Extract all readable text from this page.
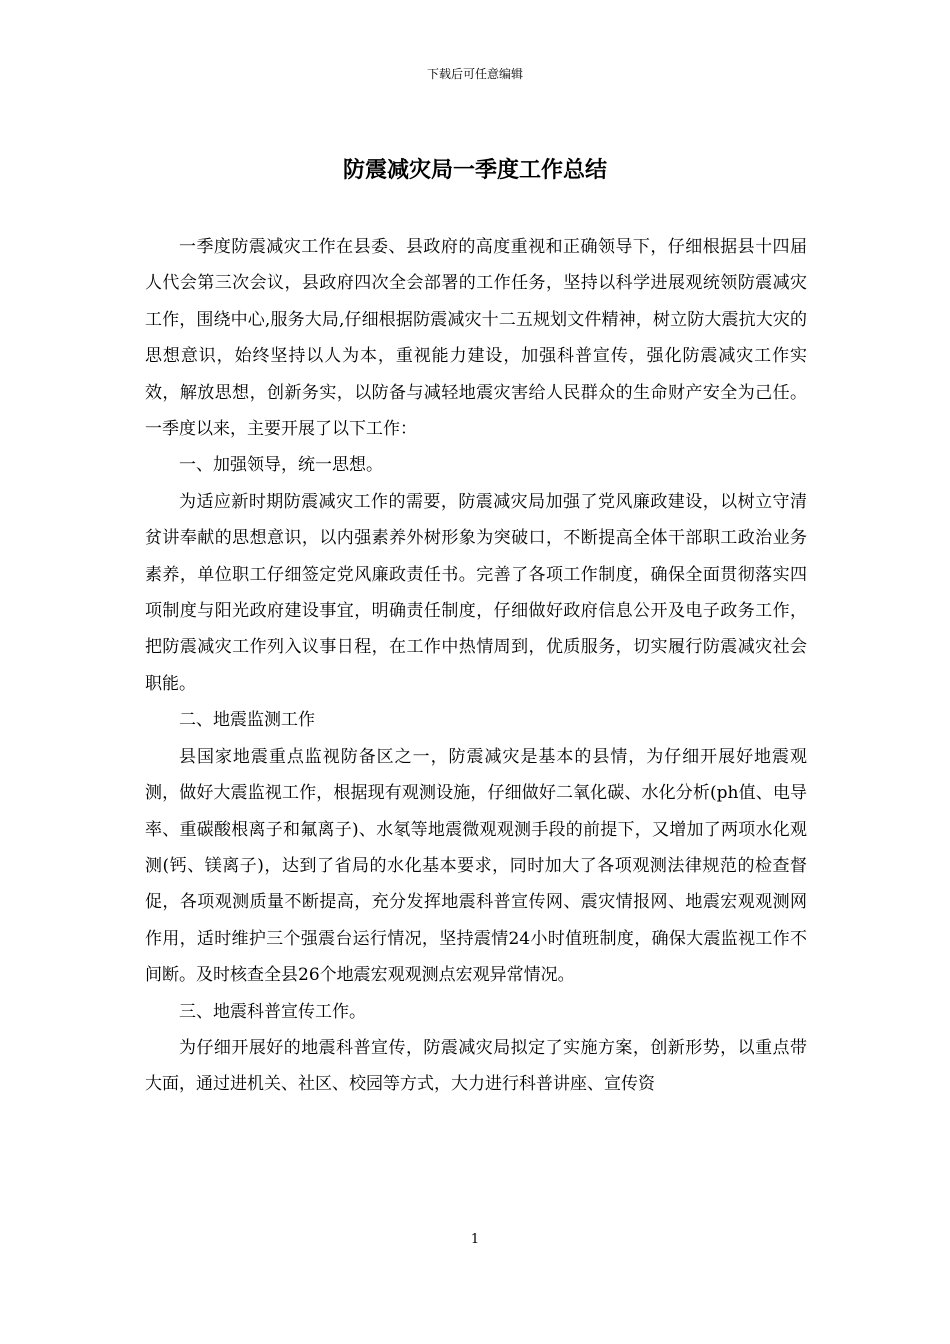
下载后可任意编辑
防震减灾局一季度工作总结

一季度防震减灾工作在县委、县政府的高度重视和正确领导下，仔细根据县十四届人代会第三次会议，县政府四次全会部署的工作任务，坚持以科学进展观统领防震减灾工作，围绕中心,服务大局,仔细根据防震减灾十二五规划文件精神，树立防大震抗大灾的思想意识，始终坚持以人为本，重视能力建设，加强科普宣传，强化防震减灾工作实效，解放思想，创新务实，以防备与减轻地震灾害给人民群众的生命财产安全为己任。一季度以来，主要开展了以下工作：

一、加强领导，统一思想。

为适应新时期防震减灾工作的需要，防震减灾局加强了党风廉政建设，以树立守清贫讲奉献的思想意识，以内强素养外树形象为突破口，不断提高全体干部职工政治业务素养，单位职工仔细签定党风廉政责任书。完善了各项工作制度，确保全面贯彻落实四项制度与阳光政府建设事宜，明确责任制度，仔细做好政府信息公开及电子政务工作，把防震减灾工作列入议事日程，在工作中热情周到，优质服务，切实履行防震减灾社会职能。

二、地震监测工作

县国家地震重点监视防备区之一，防震减灾是基本的县情，为仔细开展好地震观测，做好大震监视工作，根据现有观测设施，仔细做好二氧化碳、水化分析(ph值、电导率、重碳酸根离子和氟离子)、水氡等地震微观观测手段的前提下，又增加了两项水化观测(钙、镁离子)，达到了省局的水化基本要求，同时加大了各项观测法律规范的检查督促，各项观测质量不断提高，充分发挥地震科普宣传网、震灾情报网、地震宏观观测网作用，适时维护三个强震台运行情况，坚持震情24小时值班制度，确保大震监视工作不间断。及时核查全县26个地震宏观观测点宏观异常情况。

三、地震科普宣传工作。

为仔细开展好的地震科普宣传，防震减灾局拟定了实施方案，创新形势，以重点带大面，通过进机关、社区、校园等方式，大力进行科普讲座、宣传资

1
